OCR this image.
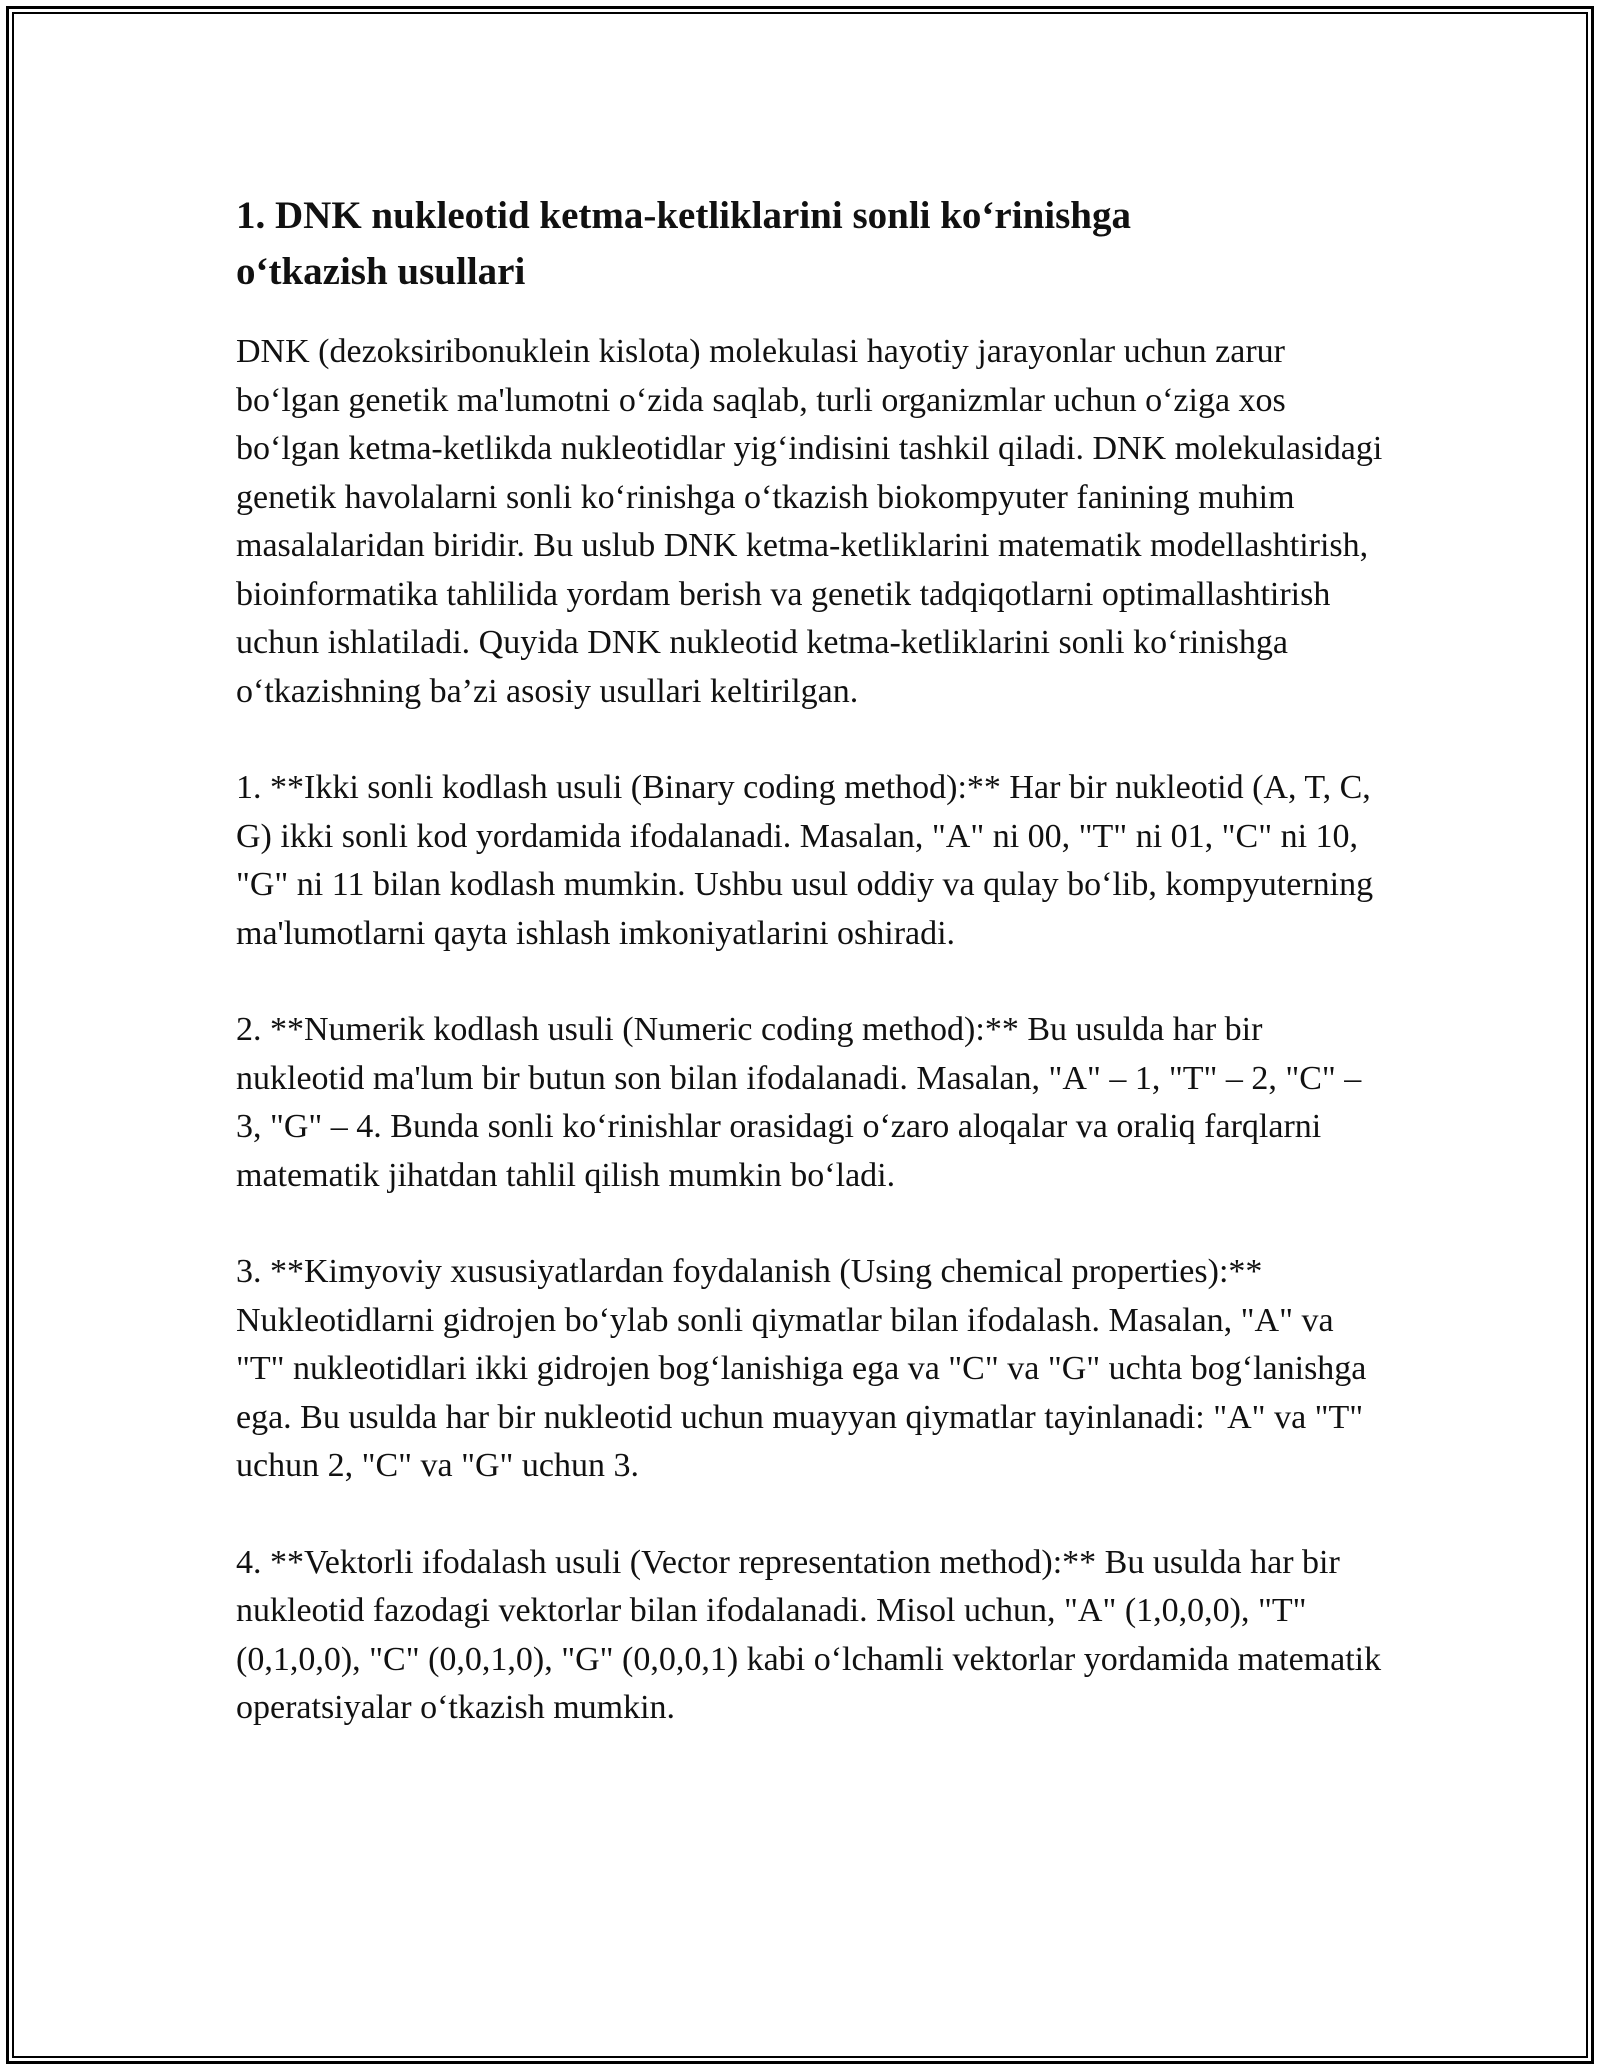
1. DNK nukleotid ketma-ketliklarini sonli ko‘rinishga o‘tkazish usullari

DNK (dezoksiribonuklein kislota) molekulasi hayotiy jarayonlar uchun zarur bo‘lgan genetik ma'lumotni o‘zida saqlab, turli organizmlar uchun o‘ziga xos bo‘lgan ketma-ketlikda nukleotidlar yig‘indisini tashkil qiladi. DNK molekulasidagi genetik havolalarni sonli ko‘rinishga o‘tkazish biokompyuter fanining muhim masalalaridan biridir. Bu uslub DNK ketma-ketliklarini matematik modellashtirish, bioinformatika tahlilida yordam berish va genetik tadqiqotlarni optimallashtirish uchun ishlatiladi. Quyida DNK nukleotid ketma-ketliklarini sonli ko‘rinishga o‘tkazishning ba’zi asosiy usullari keltirilgan.

1. **Ikki sonli kodlash usuli (Binary coding method):** Har bir nukleotid (A, T, C, G) ikki sonli kod yordamida ifodalanadi. Masalan, "A" ni 00, "T" ni 01, "C" ni 10, "G" ni 11 bilan kodlash mumkin. Ushbu usul oddiy va qulay bo‘lib, kompyuterning ma'lumotlarni qayta ishlash imkoniyatlarini oshiradi.

2. **Numerik kodlash usuli (Numeric coding method):** Bu usulda har bir nukleotid ma'lum bir butun son bilan ifodalanadi. Masalan, "A" – 1, "T" – 2, "C" – 3, "G" – 4. Bunda sonli ko‘rinishlar orasidagi o‘zaro aloqalar va oraliq farqlarni matematik jihatdan tahlil qilish mumkin bo‘ladi.

3. **Kimyoviy xususiyatlardan foydalanish (Using chemical properties):** Nukleotidlarni gidrojen bo‘ylab sonli qiymatlar bilan ifodalash. Masalan, "A" va "T" nukleotidlari ikki gidrojen bog‘lanishiga ega va "C" va "G" uchta bog‘lanishga ega. Bu usulda har bir nukleotid uchun muayyan qiymatlar tayinlanadi: "A" va "T" uchun 2, "C" va "G" uchun 3.

4. **Vektorli ifodalash usuli (Vector representation method):** Bu usulda har bir nukleotid fazodagi vektorlar bilan ifodalanadi. Misol uchun, "A" (1,0,0,0), "T" (0,1,0,0), "C" (0,0,1,0), "G" (0,0,0,1) kabi o‘lchamli vektorlar yordamida matematik operatsiyalar o‘tkazish mumkin.
